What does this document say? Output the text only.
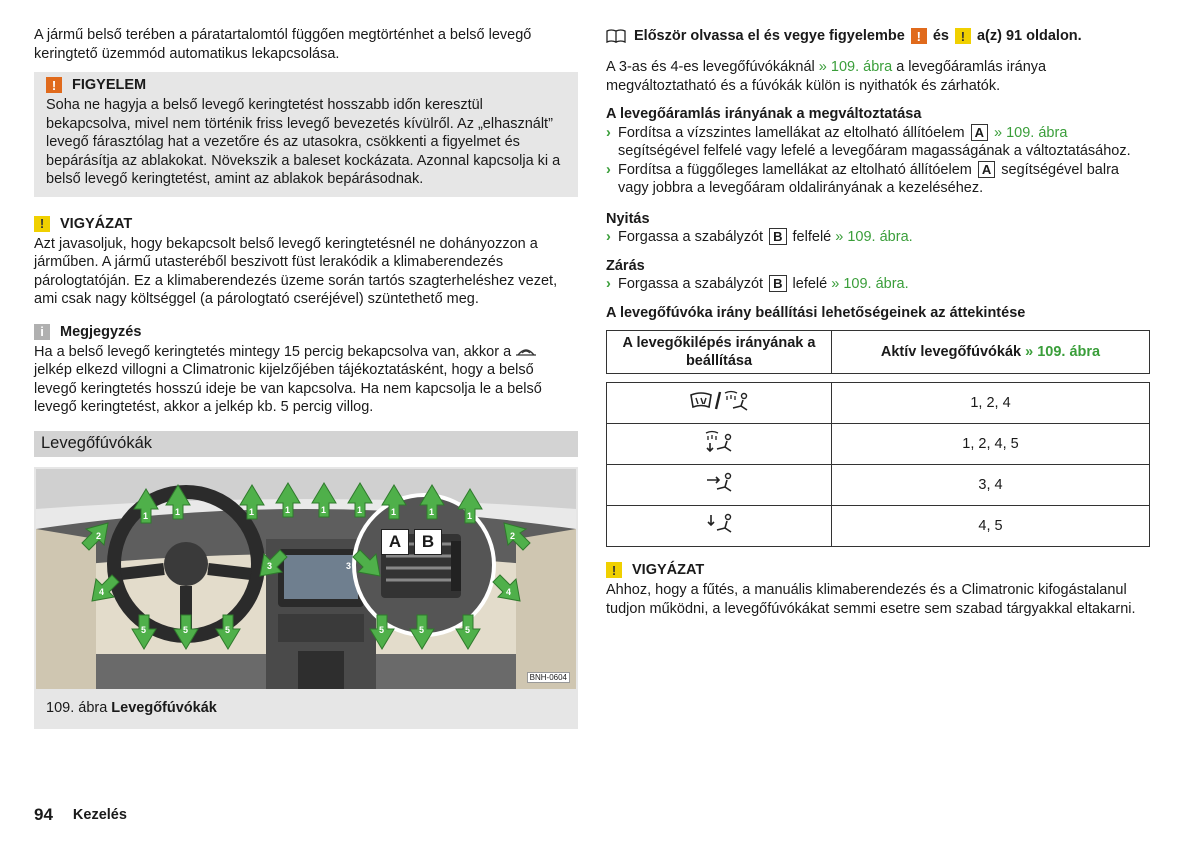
A jármű belső terében a páratartalomtól függően megtörténhet a belső levegő keringtető üzemmód automatikus lekapcsolása.

!	FIGYELEM

Soha ne hagyja a belső levegő keringtetést hosszabb időn keresztül bekapcsolva, mivel nem történik friss levegő bevezetés kívülről. Az „elhasznált” levegő fárasztólag hat a vezetőre és az utasokra, csökkenti a figyelmet és bepárásítja az ablakokat. Növekszik a baleset kockázata. Azonnal kapcsolja ki a belső levegő keringtetést, amint az ablakok bepárásodnak.

!	VIGYÁZAT

Azt javasoljuk, hogy bekapcsolt belső levegő keringtetésnél ne dohányozzon a járműben. A jármű utasteréből beszivott füst lerakódik a klimaberendezés párologtatóján. Ez a klimaberendezés üzeme során tartós szagterheléshez vezet, ami csak nagy költséggel (a párologtató cseréjével) szüntethető meg.

i	Megjegyzés

Ha a belső levegő keringtetés mintegy 15 percig bekapcsolva van, akkor a  jelkép elkezd villogni a Climatronic kijelzőjében tájékoztatásként, hogy a belső levegő keringtetés hosszú ideje be van kapcsolva. Ha nem kapcsolja le a belső levegő keringtetést, akkor a jelkép kb. 5 percig villog.

Levegőfúvókák
1	1	1	1	1	1	1	1	1
2	2
4	4
3	3
5	5	5	5	5	5
A	B
BNH-0604
109. ábra Levegőfúvókák
Először olvassa el és vegye figyelembe ! és ! a(z) 91 oldalon.

A 3-as és 4-es levegőfúvókáknál » 109. ábra a levegőáramlás iránya megváltoztatható és a fúvókák külön is nyithatók és zárhatók.

A levegőáramlás irányának a megváltoztatása
› Fordítsa a vízszintes lamellákat az eltolható állítóelem A » 109. ábra segítségével felfelé vagy lefelé a levegőáram magasságának a változtatásához.
› Fordítsa a függőleges lamellákat az eltolható állítóelem A segítségével balra vagy jobbra a levegőáram oldalirányának a kezeléséhez.
Nyitás
› Forgassa a szabályzót B felfelé » 109. ábra.
Zárás
› Forgassa a szabályzót B lefelé » 109. ábra.
A levegőfúvóka irány beállítási lehetőségeinek az áttekintése
A levegőkilépés irányának a beállítása	Aktív levegőfúvókák » 109. ábra

	1, 2, 4
	1, 2, 4, 5
	3, 4
	4, 5
!	VIGYÁZAT

Ahhoz, hogy a fűtés, a manuális klimaberendezés és a Climatronic kifogástalanul tudjon működni, a levegőfúvókákat semmi esetre sem szabad tárgyakkal eltakarni.

94 Kezelés
